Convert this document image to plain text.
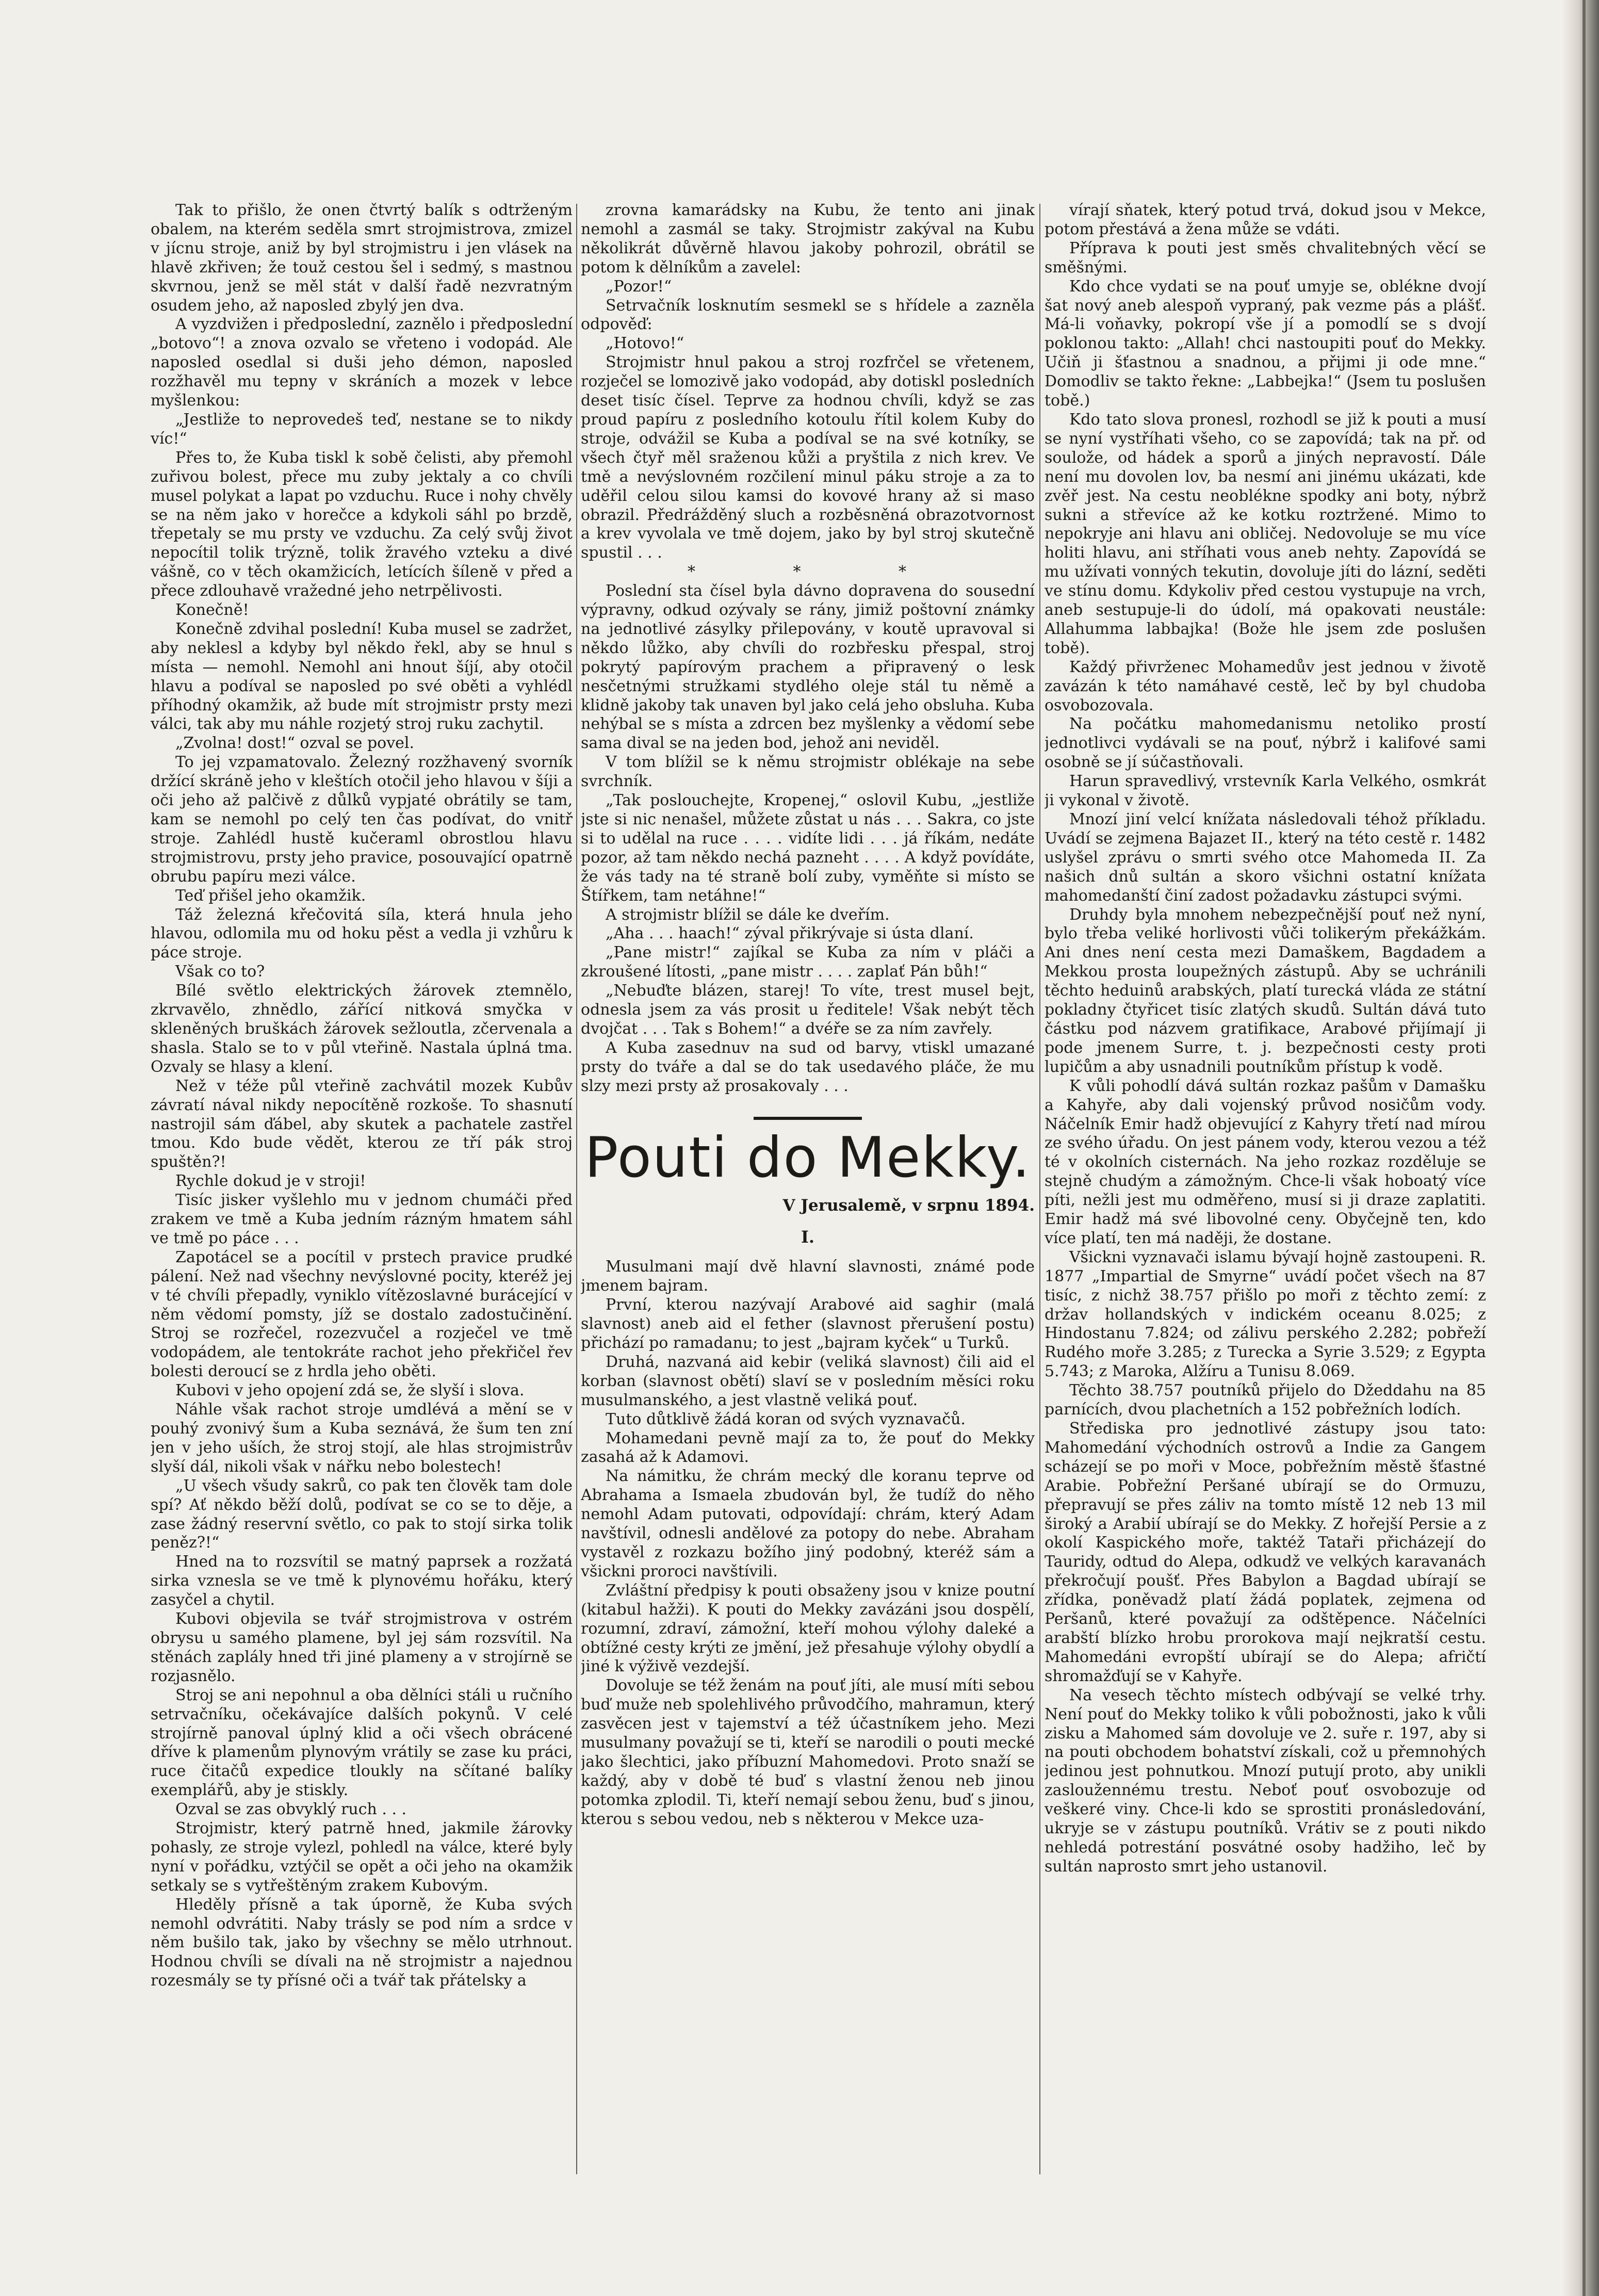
Tak to přišlo, že onen čtvrtý balík s odtrženým obalem, na kterém seděla smrt strojmistrova, zmizel v jícnu stroje, aniž by byl strojmistru i jen vlásek na hlavě zkřiven; že touž cestou šel i sedmý, s mastnou skvrnou, jenž se měl stát v další řadě nezvratným osudem jeho, až naposled zbylý jen dva.

A vyzdvižen i předposlední, zaznělo i předposlední „botovo“! a znova ozvalo se vřeteno i vodopád. Ale naposled osedlal si duši jeho démon, naposled rozžhavěl mu tepny v skráních a mozek v lebce myšlenkou:

„Jestliže to neprovedeš teď, nestane se to nikdy víc!“

Přes to, že Kuba tiskl k sobě čelisti, aby přemohl zuřivou bolest, přece mu zuby jektaly a co chvíli musel polykat a lapat po vzduchu. Ruce i nohy chvěly se na něm jako v horečce a kdykoli sáhl po brzdě, třepetaly se mu prsty ve vzduchu. Za celý svůj život nepocítil tolik trýzně, tolik žravého vzteku a divé vášně, co v těch okamžicích, letících šíleně v před a přece zdlouhavě vražedné jeho netrpělivosti.

Konečně!

Konečně zdvihal poslední! Kuba musel se zadržet, aby neklesl a kdyby byl někdo řekl, aby se hnul s místa — nemohl. Nemohl ani hnout šíjí, aby otočil hlavu a podíval se naposled po své oběti a vyhlédl příhodný okamžik, až bude mít strojmistr prsty mezi válci, tak aby mu náhle rozjetý stroj ruku zachytil.

„Zvolna! dost!“ ozval se povel.

To jej vzpamatovalo. Železný rozžhavený svorník držící skráně jeho v kleštích otočil jeho hlavou v šíji a oči jeho až palčivě z důlků vypjaté obrátily se tam, kam se nemohl po celý ten čas podívat, do vnitř stroje. Zahlédl hustě kučeraml obrostlou hlavu strojmistrovu, prsty jeho pravice, posouvající opatrně obrubu papíru mezi válce.

Teď přišel jeho okamžik.

Táž železná křečovitá síla, která hnula jeho hlavou, odlomila mu od hoku pěst a vedla ji vzhůru k páce stroje.

Však co to?

Bílé světlo elektrických žárovek ztemnělo, zkrvavělo, zhnědlo, zářící nitková smyčka v skleněných bruškách žárovek sežloutla, zčervenala a shasla. Stalo se to v půl vteřině. Nastala úplná tma. Ozvaly se hlasy a klení.

Než v téže půl vteřině zachvátil mozek Kubův závratí nával nikdy nepocítěně rozkoše. To shasnutí nastrojil sám ďábel, aby skutek a pachatele zastřel tmou. Kdo bude vědět, kterou ze tří pák stroj spuštěn?!

Rychle dokud je v stroji!

Tisíc jisker vyšlehlo mu v jednom chumáči před zrakem ve tmě a Kuba jedním rázným hmatem sáhl ve tmě po páce . . .

Zapotácel se a pocítil v prstech pravice prudké pálení. Než nad všechny nevýslovné pocity, kteréž jej v té chvíli přepadly, vyniklo vítězoslavné burácející v něm vědomí pomsty, jíž se dostalo zadostučinění. Stroj se rozřečel, rozezvučel a rozječel ve tmě vodopádem, ale tentokráte rachot jeho překřičel řev bolesti deroucí se z hrdla jeho oběti.

Kubovi v jeho opojení zdá se, že slyší i slova.

Náhle však rachot stroje umdlévá a mění se v pouhý zvonivý šum a Kuba seznává, že šum ten zní jen v jeho uších, že stroj stojí, ale hlas strojmistrův slyší dál, nikoli však v nářku nebo bolestech!

„U všech všudy sakrů, co pak ten člověk tam dole spí? Ať někdo běží dolů, podívat se co se to děje, a zase žádný reservní světlo, co pak to stojí sirka tolik peněz?!“

Hned na to rozsvítil se matný paprsek a rozžatá sirka vznesla se ve tmě k plynovému hořáku, který zasyčel a chytil.

Kubovi objevila se tvář strojmistrova v ostrém obrysu u samého plamene, byl jej sám rozsvítil. Na stěnách zaplály hned tři jiné plameny a v strojírně se rozjasnělo.

Stroj se ani nepohnul a oba dělníci stáli u ručního setrvačníku, očekávajíce dalších pokynů. V celé strojírně panoval úplný klid a oči všech obrácené dříve k plamenům plynovým vrátily se zase ku práci, ruce čitačů expedice tloukly na sčítané balíky exemplářů, aby je stiskly.

Ozval se zas obvyklý ruch . . .

Strojmistr, který patrně hned, jakmile žárovky pohasly, ze stroje vylezl, pohledl na válce, které byly nyní v pořádku, vztýčil se opět a oči jeho na okamžik setkaly se s vytřeštěným zrakem Kubovým.

Hleděly přísně a tak úporně, že Kuba svých nemohl odvrátiti. Naby trásly se pod ním a srdce v něm bušilo tak, jako by všechny se mělo utrhnout. Hodnou chvíli se dívali na ně strojmistr a najednou rozesmály se ty přísné oči a tvář tak přátelsky a

zrovna kamarádsky na Kubu, že tento ani jinak nemohl a zasmál se taky. Strojmistr zakýval na Kubu několikrát důvěrně hlavou jakoby pohrozil, obrátil se potom k dělníkům a zavelel:

„Pozor!“

Setrvačník losknutím sesmekl se s hřídele a zazněla odpověď:

„Hotovo!“

Strojmistr hnul pakou a stroj rozfrčel se vřetenem, rozječel se lomozivě jako vodopád, aby dotiskl posledních deset tisíc čísel. Teprve za hodnou chvíli, když se zas proud papíru z posledního kotoulu řítil kolem Kuby do stroje, odvážil se Kuba a podíval se na své kotníky, se všech čtyř měl sraženou kůži a pryštila z nich krev. Ve tmě a nevýslovném rozčilení minul páku stroje a za to uděřil celou silou kamsi do kovové hrany až si maso obrazil. Předrážděný sluch a rozběsněná obrazotvornost a krev vyvolala ve tmě dojem, jako by byl stroj skutečně spustil . . .

* * *

Poslední sta čísel byla dávno dopravena do sousední výpravny, odkud ozývaly se rány, jimiž poštovní známky na jednotlivé zásylky přilepovány, v koutě upravoval si někdo lůžko, aby chvíli do rozbřesku přespal, stroj pokrytý papírovým prachem a připravený o lesk nesčetnými stružkami stydlého oleje stál tu němě a klidně jakoby tak unaven byl jako celá jeho obsluha. Kuba nehýbal se s místa a zdrcen bez myšlenky a vědomí sebe sama dival se na jeden bod, jehož ani neviděl.

V tom blížil se k němu strojmistr oblékaje na sebe svrchník.

„Tak poslouchejte, Kropenej,“ oslovil Kubu, „jestliže jste si nic nenašel, můžete zůstat u nás . . . Sakra, co jste si to udělal na ruce . . . . vidíte lidi . . . já říkám, nedáte pozor, až tam někdo nechá pazneht . . . . A když povídáte, že vás tady na té straně bolí zuby, vyměňte si místo se Štířkem, tam netáhne!“

A strojmistr blížil se dále ke dveřím.

„Aha . . . haach!“ zýval přikrývaje si ústa dlaní.

„Pane mistr!“ zajíkal se Kuba za ním v pláči a zkroušené lítosti, „pane mistr . . . . zaplať Pán bůh!“

„Nebuďte blázen, starej! To víte, trest musel bejt, odnesla jsem za vás prosit u ředitele! Však nebýt těch dvojčat . . . Tak s Bohem!“ a dvéře se za ním zavřely.

A Kuba zasednuv na sud od barvy, vtiskl umazané prsty do tváře a dal se do tak usedavého pláče, že mu slzy mezi prsty až prosakovaly . . .

Pouti do Mekky.
V Jerusalemě, v srpnu 1894.
I.

Musulmani mají dvě hlavní slavnosti, známé pode jmenem bajram.

První, kterou nazývají Arabové aid saghir (malá slavnost) aneb aid el fether (slavnost přerušení postu) přichází po ramadanu; to jest „bajram kyček“ u Turků.

Druhá, nazvaná aid kebir (veliká slavnost) čili aid el korban (slavnost obětí) slaví se v posledním měsíci roku musulmanského, a jest vlastně veliká pouť.

Tuto důtklivě žádá koran od svých vyznavačů.

Mohamedani pevně mají za to, že pouť do Mekky zasahá až k Adamovi.

Na námitku, že chrám mecký dle koranu teprve od Abrahama a Ismaela zbudován byl, že tudíž do něho nemohl Adam putovati, odpovídají: chrám, který Adam navštívil, odnesli andělové za potopy do nebe. Abraham vystavěl z rozkazu božího jiný podobný, kteréž sám a všickni proroci navštívili.

Zvláštní předpisy k pouti obsaženy jsou v knize poutní (kitabul hažži). K pouti do Mekky zavázáni jsou dospělí, rozumní, zdraví, zámožní, kteří mohou výlohy daleké a obtížné cesty krýti ze jmění, jež přesahuje výlohy obydlí a jiné k výživě vezdejší.

Dovoluje se též ženám na pouť jíti, ale musí míti sebou buď muže neb spolehlivého průvodčího, mahramun, který zasvěcen jest v tajemství a též účastníkem jeho. Mezi musulmany považují se ti, kteří se narodili o pouti mecké jako šlechtici, jako příbuzní Mahomedovi. Proto snaží se každý, aby v době té buď s vlastní ženou neb jinou potomka zplodil. Ti, kteří nemají sebou ženu, buď s jinou, kterou s sebou vedou, neb s některou v Mekce uza-

vírají sňatek, který potud trvá, dokud jsou v Mekce, potom přestává a žena může se vdáti.

Příprava k pouti jest směs chvalitebných věcí se směšnými.

Kdo chce vydati se na pouť umyje se, oblékne dvojí šat nový aneb alespoň vypraný, pak vezme pás a plášť. Má-li voňavky, pokropí vše jí a pomodlí se s dvojí poklonou takto: „Allah! chci nastoupiti pouť do Mekky. Učiň ji šťastnou a snadnou, a přijmi ji ode mne.“ Domodliv se takto řekne: „Labbejka!“ (Jsem tu poslušen tobě.)

Kdo tato slova pronesl, rozhodl se již k pouti a musí se nyní vystříhati všeho, co se zapovídá; tak na př. od soulože, od hádek a sporů a jiných nepravostí. Dále není mu dovolen lov, ba nesmí ani jinému ukázati, kde zvěř jest. Na cestu neoblékne spodky ani boty, nýbrž sukni a střevíce až ke kotku roztržené. Mimo to nepokryje ani hlavu ani obličej. Nedovoluje se mu více holiti hlavu, ani stříhati vous aneb nehty. Zapovídá se mu užívati vonných tekutin, dovoluje jíti do lázní, seděti ve stínu domu. Kdykoliv před cestou vystupuje na vrch, aneb sestupuje-li do údolí, má opakovati neustále: Allahumma labbajka! (Bože hle jsem zde poslušen tobě).

Každý přivrženec Mohamedův jest jednou v životě zavázán k této namáhavé cestě, leč by byl chudoba osvobozovala.

Na počátku mahomedanismu netoliko prostí jednotlivci vydávali se na pouť, nýbrž i kalifové sami osobně se jí súčastňovali.

Harun spravedlivý, vrstevník Karla Velkého, osmkrát ji vykonal v životě.

Mnozí jiní velcí knížata následovali téhož příkladu. Uvádí se zejmena Bajazet II., který na této cestě r. 1482 uslyšel zprávu o smrti svého otce Mahomeda II. Za našich dnů sultán a skoro všichni ostatní knížata mahomedanští činí zadost požadavku zástupci svými.

Druhdy byla mnohem nebezpečnější pouť než nyní, bylo třeba veliké horlivosti vůči tolikerým překážkám. Ani dnes není cesta mezi Damaškem, Bagdadem a Mekkou prosta loupežných zástupů. Aby se uchránili těchto heduinů arabských, platí turecká vláda ze státní pokladny čtyřicet tisíc zlatých skudů. Sultán dává tuto částku pod názvem gratifikace, Arabové přijímají ji pode jmenem Surre, t. j. bezpečnosti cesty proti lupičům a aby usnadnili poutníkům přístup k vodě.

K vůli pohodlí dává sultán rozkaz pašům v Damašku a Kahyře, aby dali vojenský průvod nosičům vody. Náčelník Emir hadž objevující z Kahyry třetí nad mírou ze svého úřadu. On jest pánem vody, kterou vezou a též té v okolních cisternách. Na jeho rozkaz rozděluje se stejně chudým a zámožným. Chce-li však hoboatý více píti, nežli jest mu odměřeno, musí si ji draze zaplatiti. Emir hadž má své libovolné ceny. Obyčejně ten, kdo více platí, ten má naději, že dostane.

Všickni vyznavači islamu bývají hojně zastoupeni. R. 1877 „Impartial de Smyrne“ uvádí počet všech na 87 tisíc, z nichž 38.757 přišlo po moři z těchto zemí: z držav hollandských v indickém oceanu 8.025; z Hindostanu 7.824; od zálivu perského 2.282; pobřeží Rudého moře 3.285; z Turecka a Syrie 3.529; z Egypta 5.743; z Maroka, Alžíru a Tunisu 8.069.

Těchto 38.757 poutníků přijelo do Džeddahu na 85 parnících, dvou plachetních a 152 pobřežních lodích.

Střediska pro jednotlivé zástupy jsou tato: Mahomedání východních ostrovů a Indie za Gangem scházejí se po moři v Moce, pobřežním městě šťastné Arabie. Pobřežní Peršané ubírají se do Ormuzu, přepravují se přes záliv na tomto místě 12 neb 13 mil široký a Arabií ubírají se do Mekky. Z hořejší Persie a z okolí Kaspického moře, taktéž Tataři přicházejí do Tauridy, odtud do Alepa, odkudž ve velkých karavanách překročují poušť. Přes Babylon a Bagdad ubírají se zřídka, poněvadž platí žádá poplatek, zejmena od Peršanů, které považují za odštěpence. Náčelníci arabští blízko hrobu prorokova mají nejkratší cestu. Mahomedáni evropští ubírají se do Alepa; afričtí shromažďují se v Kahyře.

Na vesech těchto místech odbývají se velké trhy. Není pouť do Mekky toliko k vůli pobožnosti, jako k vůli zisku a Mahomed sám dovoluje ve 2. suře r. 197, aby si na pouti obchodem bohatství získali, což u přemnohých jedinou jest pohnutkou. Mnozí putují proto, aby unikli zasloužennému trestu. Neboť pouť osvobozuje od veškeré viny. Chce-li kdo se sprostiti pronásledování, ukryje se v zástupu poutníků. Vrátiv se z pouti nikdo nehledá potrestání posvátné osoby hadžiho, leč by sultán naprosto smrt jeho ustanovil.
